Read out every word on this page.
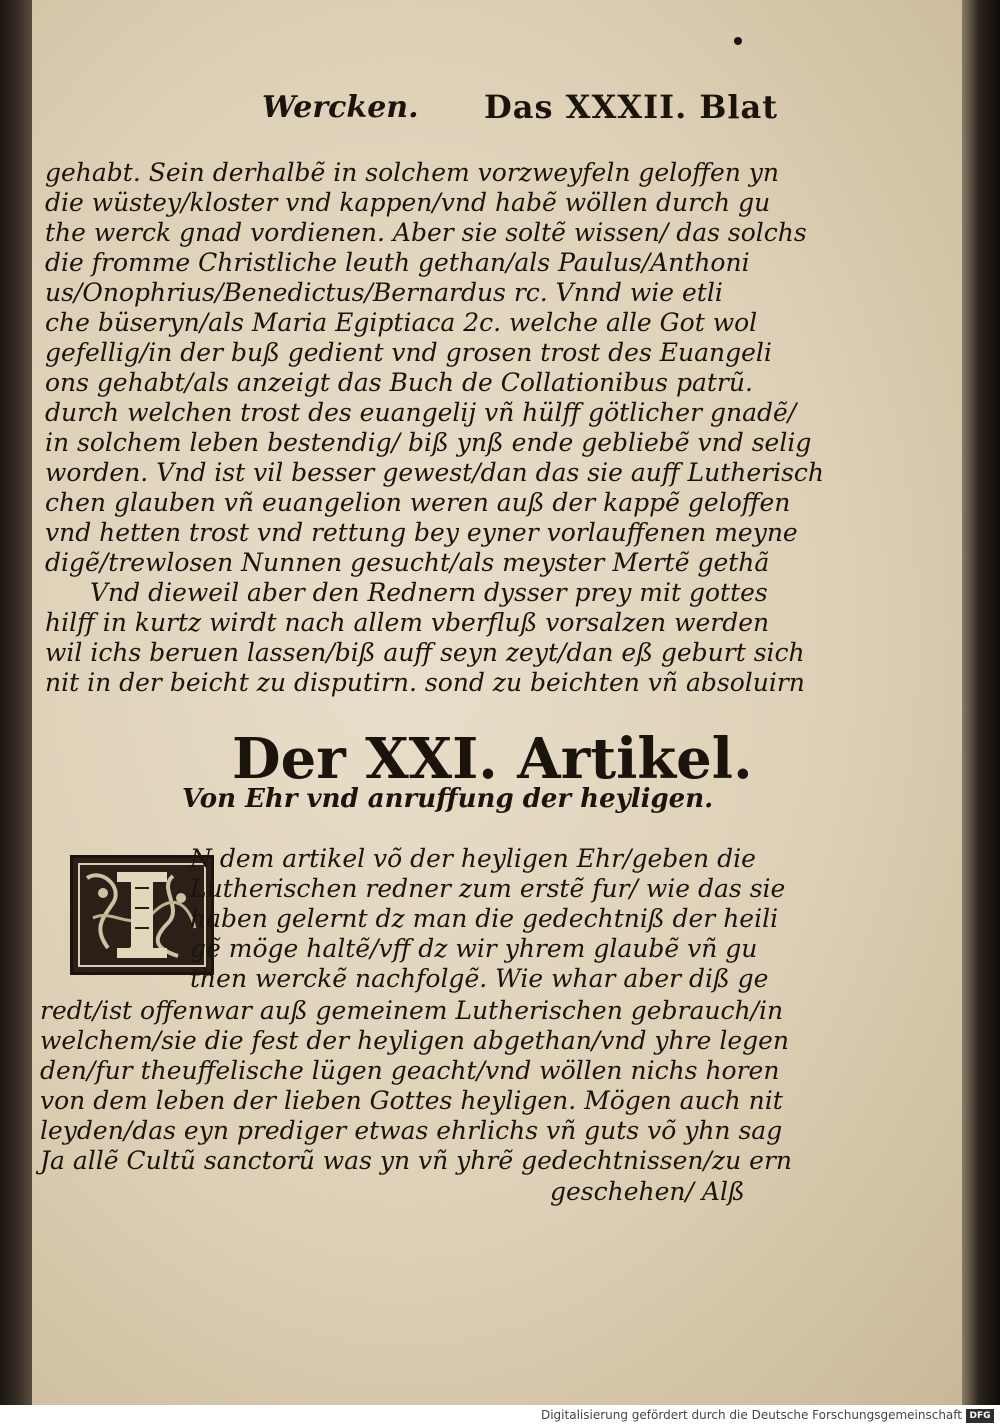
Wercken. Das XXXII. Blat
gehabt. Sein derhalbẽ in solchem vorzweyfeln geloffen yn
die wüstey/kloster vnd kappen/vnd habẽ wöllen durch gu
the werck gnad vordienen. Aber sie soltẽ wissen/ das solchs
die fromme Christliche leuth gethan/als Paulus/Anthoni
us/Onophrius/Benedictus/Bernardus rc. Vnnd wie etli
che büseryn/als Maria Egiptiaca 2c. welche alle Got wol
gefellig/in der buß gedient vnd grosen trost des Euangeli
ons gehabt/als anzeigt das Buch de Collationibus patrũ.
durch welchen trost des euangelij vñ hülff götlicher gnadẽ/
in solchem leben bestendig/ biß ynß ende gebliebẽ vnd selig
worden. Vnd ist vil besser gewest/dan das sie auff Lutherisch
chen glauben vñ euangelion weren auß der kappẽ geloffen
vnd hetten trost vnd rettung bey eyner vorlauffenen meyne
digẽ/trewlosen Nunnen gesucht/als meyster Mertẽ gethã
Vnd dieweil aber den Rednern dysser prey mit gottes
hilff in kurtz wirdt nach allem vberfluß vorsalzen werden
wil ichs beruen lassen/biß auff seyn zeyt/dan eß geburt sich
nit in der beicht zu disputirn. sond zu beichten vñ absoluirn
Der XXI. Artikel.
Von Ehr vnd anruffung der heyligen.
N dem artikel võ der heyligen Ehr/geben die
Lutherischen redner zum erstẽ fur/ wie das sie
haben gelernt dz man die gedechtniß der heili
gẽ möge haltẽ/vff dz wir yhrem glaubẽ vñ gu
then werckẽ nachfolgẽ. Wie whar aber diß ge
redt/ist offenwar auß gemeinem Lutherischen gebrauch/in
welchem/sie die fest der heyligen abgethan/vnd yhre legen
den/fur theuffelische lügen geacht/vnd wöllen nichs horen
von dem leben der lieben Gottes heyligen. Mögen auch nit
leyden/das eyn prediger etwas ehrlichs vñ guts võ yhn sag
Ja allẽ Cultũ sanctorũ was yn vñ yhrẽ gedechtnissen/zu ern
geschehen/ Alß
Digitalisierung gefördert durch die Deutsche Forschungsgemeinschaft DFG
